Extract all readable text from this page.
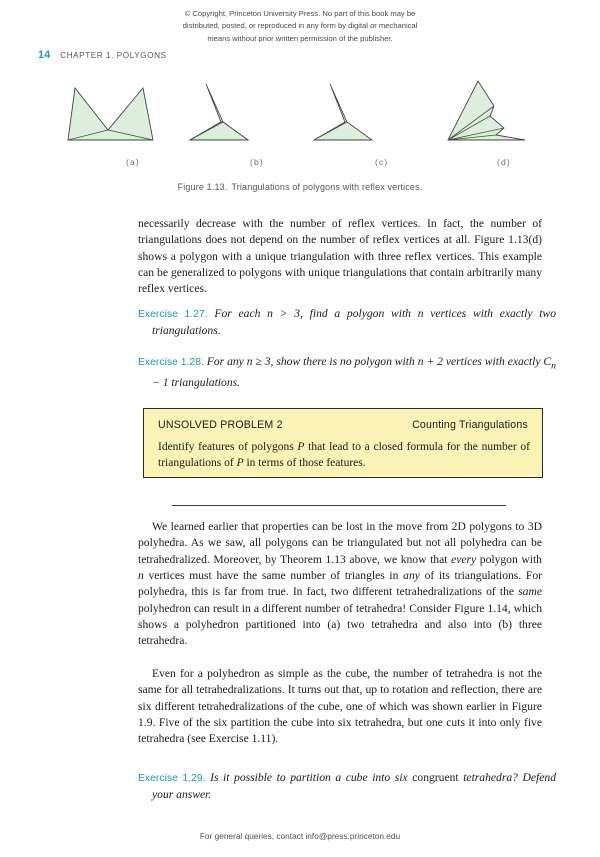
© Copyright, Princeton University Press. No part of this book may be
distributed, posted, or reproduced in any form by digital or mechanical
means without prior written permission of the publisher.
14 CHAPTER 1. POLYGONS
(a)	(b)	(c)	(d)
Figure 1.13. Triangulations of polygons with reflex vertices.

necessarily decrease with the number of reflex vertices. In fact, the number of triangulations does not depend on the number of reflex vertices at all. Figure 1.13(d) shows a polygon with a unique triangulation with three reflex vertices. This example can be generalized to polygons with unique triangulations that contain arbitrarily many reflex vertices.

Exercise 1.27. For each n > 3, find a polygon with n vertices with exactly two triangulations.
Exercise 1.28. For any n ≥ 3, show there is no polygon with n + 2 vertices with exactly $C_n - 1$ triangulations.
UNSOLVED PROBLEM 2	Counting Triangulations
Identify features of polygons P that lead to a closed formula for the number of triangulations of P in terms of those features.

We learned earlier that properties can be lost in the move from 2D polygons to 3D polyhedra. As we saw, all polygons can be triangulated but not all polyhedra can be tetrahedralized. Moreover, by Theorem 1.13 above, we know that every polygon with n vertices must have the same number of triangles in any of its triangulations. For polyhedra, this is far from true. In fact, two different tetrahedralizations of the same polyhedron can result in a different number of tetrahedra! Consider Figure 1.14, which shows a polyhedron partitioned into (a) two tetrahedra and also into (b) three tetrahedra.

Even for a polyhedron as simple as the cube, the number of tetrahedra is not the same for all tetrahedralizations. It turns out that, up to rotation and reflection, there are six different tetrahedralizations of the cube, one of which was shown earlier in Figure 1.9. Five of the six partition the cube into six tetrahedra, but one cuts it into only five tetrahedra (see Exercise 1.11).

Exercise 1.29. Is it possible to partition a cube into six congruent tetrahedra? Defend your answer.
For general queries, contact info@press.princeton.edu
